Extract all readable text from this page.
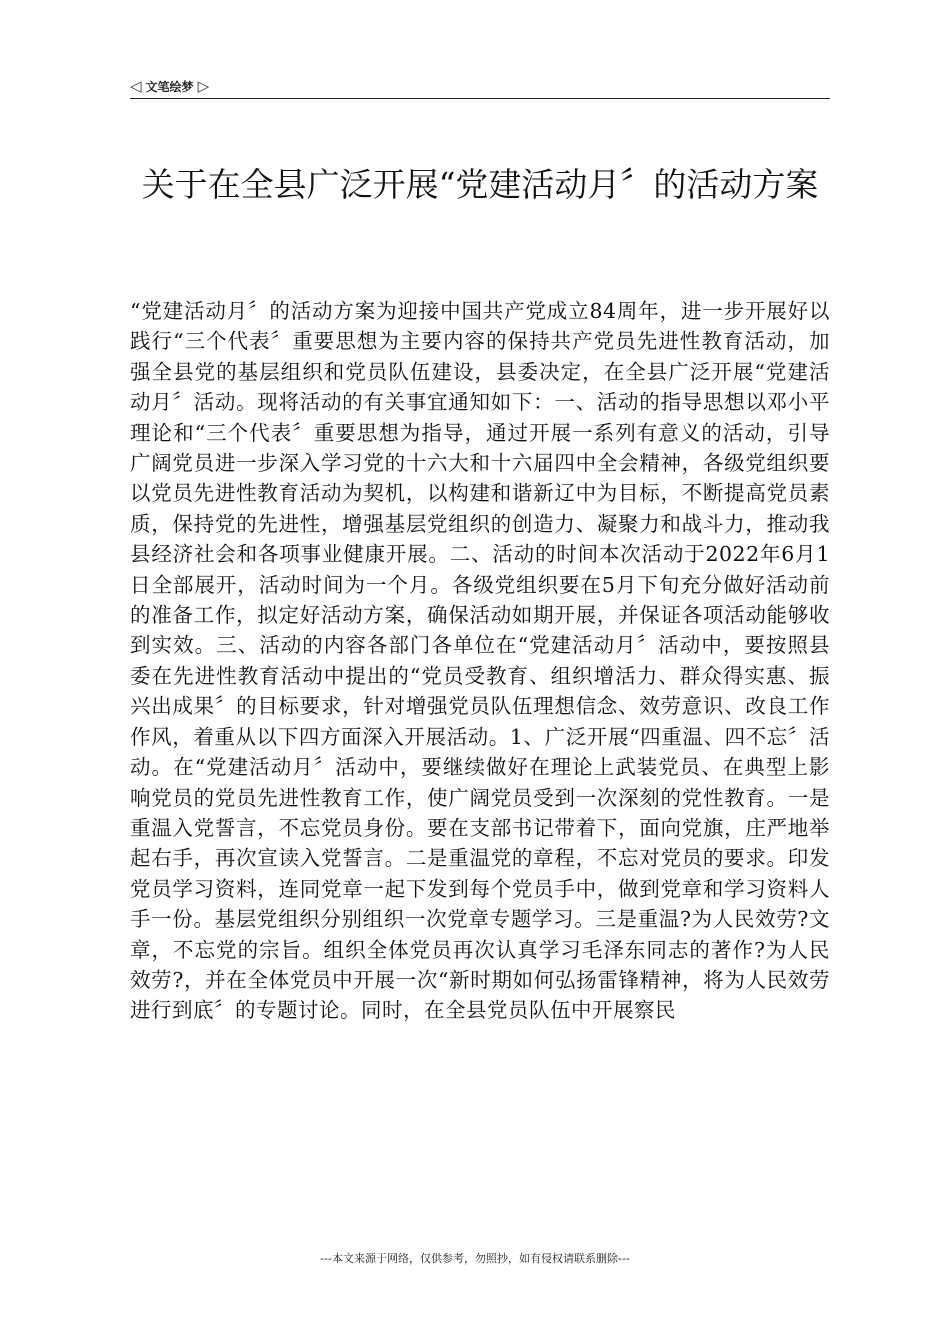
◁ 文笔绘梦 ▷
关于在全县广泛开展“党建活动月〞的活动方案

“党建活动月〞的活动方案为迎接中国共产党成立84周年，进一步开展好以践行“三个代表〞重要思想为主要内容的保持共产党员先进性教育活动，加强全县党的基层组织和党员队伍建设，县委决定，在全县广泛开展“党建活动月〞活动。现将活动的有关事宜通知如下：一、活动的指导思想以邓小平理论和“三个代表〞重要思想为指导，通过开展一系列有意义的活动，引导广阔党员进一步深入学习党的十六大和十六届四中全会精神，各级党组织要以党员先进性教育活动为契机，以构建和谐新辽中为目标，不断提高党员素质，保持党的先进性，增强基层党组织的创造力、凝聚力和战斗力，推动我县经济社会和各项事业健康开展。二、活动的时间本次活动于2022年6月1日全部展开，活动时间为一个月。各级党组织要在5月下旬充分做好活动前的准备工作，拟定好活动方案，确保活动如期开展，并保证各项活动能够收到实效。三、活动的内容各部门各单位在“党建活动月〞活动中，要按照县委在先进性教育活动中提出的“党员受教育、组织增活力、群众得实惠、振兴出成果〞的目标要求，针对增强党员队伍理想信念、效劳意识、改良工作作风，着重从以下四方面深入开展活动。1、广泛开展“四重温、四不忘〞活动。在“党建活动月〞活动中，要继续做好在理论上武装党员、在典型上影响党员的党员先进性教育工作，使广阔党员受到一次深刻的党性教育。一是重温入党誓言，不忘党员身份。要在支部书记带着下，面向党旗，庄严地举起右手，再次宣读入党誓言。二是重温党的章程，不忘对党员的要求。印发党员学习资料，连同党章一起下发到每个党员手中，做到党章和学习资料人手一份。基层党组织分别组织一次党章专题学习。三是重温?为人民效劳?文章，不忘党的宗旨。组织全体党员再次认真学习毛泽东同志的著作?为人民效劳?，并在全体党员中开展一次“新时期如何弘扬雷锋精神，将为人民效劳进行到底〞的专题讨论。同时，在全县党员队伍中开展察民

---本文来源于网络，仅供参考，勿照抄，如有侵权请联系删除---
